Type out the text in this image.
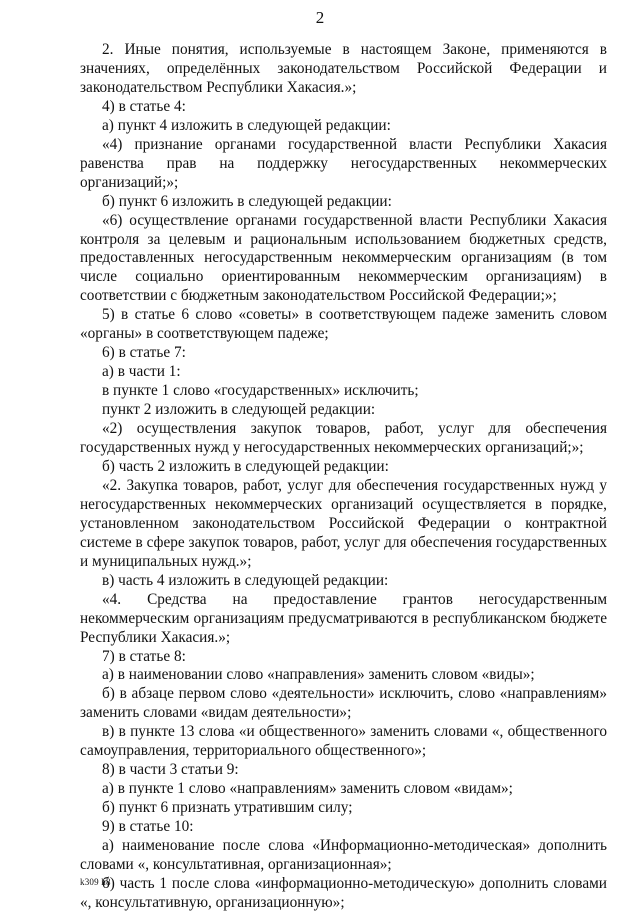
2

2. Иные понятия, используемые в настоящем Законе, применяются в значениях, определённых законодательством Российской Федерации и законодательством Республики Хакасия.»;

4) в статье 4:

а) пункт 4 изложить в следующей редакции:

«4) признание органами государственной власти Республики Хакасия равенства прав на поддержку негосударственных некоммерческих организаций;»;

б) пункт 6 изложить в следующей редакции:

«6) осуществление органами государственной власти Республики Хакасия контроля за целевым и рациональным использованием бюджетных средств, предоставленных негосударственным некоммерческим организациям (в том числе социально ориентированным некоммерческим организациям) в соответствии с бюджетным законодательством Российской Федерации;»;

5) в статье 6 слово «советы» в соответствующем падеже заменить словом «органы» в соответствующем падеже;

6) в статье 7:

а) в части 1:

в пункте 1 слово «государственных» исключить;

пункт 2 изложить в следующей редакции:

«2) осуществления закупок товаров, работ, услуг для обеспечения государственных нужд у негосударственных некоммерческих организаций;»;

б) часть 2 изложить в следующей редакции:

«2. Закупка товаров, работ, услуг для обеспечения государственных нужд у негосударственных некоммерческих организаций осуществляется в порядке, установленном законодательством Российской Федерации о контрактной системе в сфере закупок товаров, работ, услуг для обеспечения государственных и муниципальных нужд.»;

в) часть 4 изложить в следующей редакции:

«4. Средства на предоставление грантов негосударственным некоммерческим организациям предусматриваются в республиканском бюджете Республики Хакасия.»;

7) в статье 8:

а) в наименовании слово «направления» заменить словом «виды»;

б) в абзаце первом слово «деятельности» исключить, слово «направлениям» заменить словами «видам деятельности»;

в) в пункте 13 слова «и общественного» заменить словами «, общественного самоуправления, территориального общественного»;

8) в части 3 статьи 9:

а) в пункте 1 слово «направлениям» заменить словом «видам»;

б) пункт 6 признать утратившим силу;

9) в статье 10:

а) наименование после слова «Информационно-методическая» дополнить словами «, консультативная, организационная»;

б) часть 1 после слова «информационно-методическую» дополнить словами «, консультативную, организационную»;

k309 h8
